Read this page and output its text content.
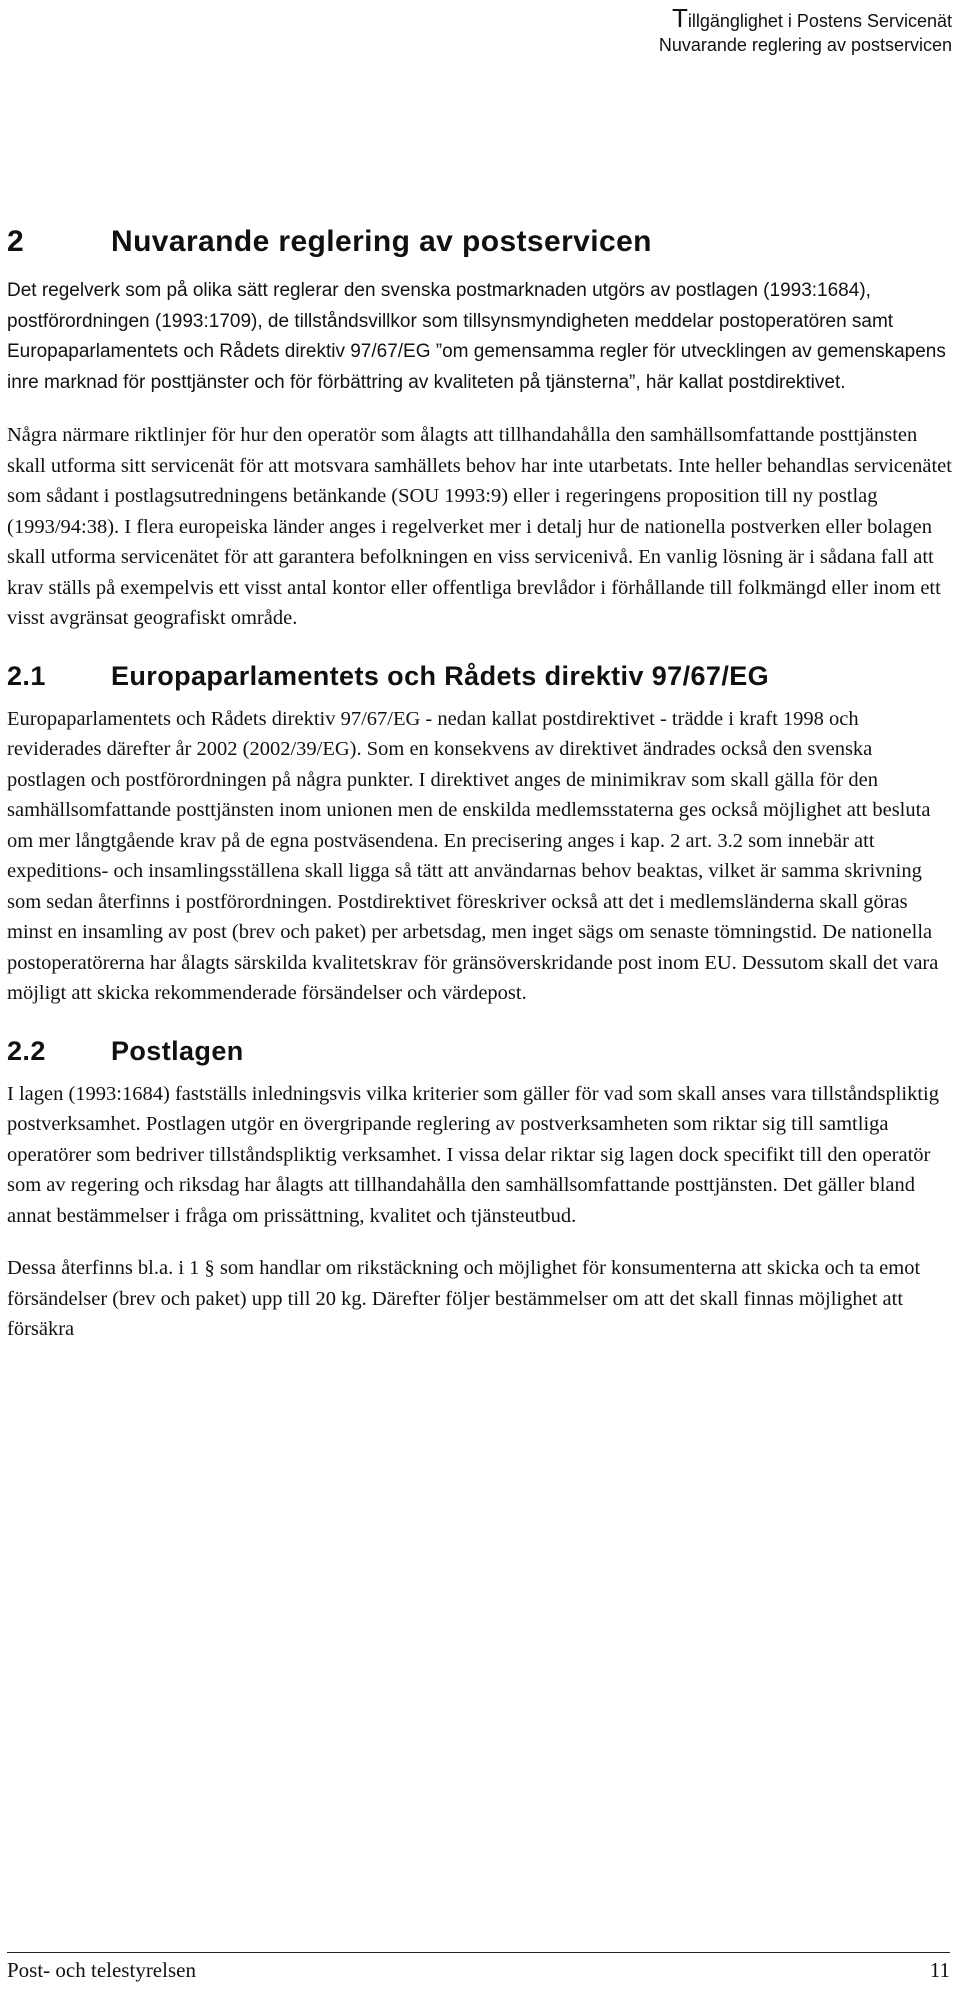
Tillgänglighet i Postens Servicenät
Nuvarande reglering av postservicen
2	Nuvarande reglering av postservicen

Det regelverk som på olika sätt reglerar den svenska postmarknaden utgörs av postlagen (1993:1684), postförordningen (1993:1709), de tillståndsvillkor som tillsynsmyndigheten meddelar postoperatören samt Europaparlamentets och Rådets direktiv 97/67/EG ”om gemensamma regler för utvecklingen av gemenskapens inre marknad för posttjänster och för förbättring av kvaliteten på tjänsterna”, här kallat postdirektivet.

Några närmare riktlinjer för hur den operatör som ålagts att tillhandahålla den samhällsomfattande posttjänsten skall utforma sitt servicenät för att motsvara samhällets behov har inte utarbetats. Inte heller behandlas servicenätet som sådant i postlagsutredningens betänkande (SOU 1993:9) eller i regeringens proposition till ny postlag (1993/94:38). I flera europeiska länder anges i regelverket mer i detalj hur de nationella postverken eller bolagen skall utforma servicenätet för att garantera befolkningen en viss servicenivå. En vanlig lösning är i sådana fall att krav ställs på exempelvis ett visst antal kontor eller offentliga brevlådor i förhållande till folkmängd eller inom ett visst avgränsat geografiskt område.

2.1 Europaparlamentets och Rådets direktiv 97/67/EG

Europaparlamentets och Rådets direktiv 97/67/EG - nedan kallat postdirektivet - trädde i kraft 1998 och reviderades därefter år 2002 (2002/39/EG). Som en konsekvens av direktivet ändrades också den svenska postlagen och postförordningen på några punkter. I direktivet anges de minimikrav som skall gälla för den samhällsomfattande posttjänsten inom unionen men de enskilda medlemsstaterna ges också möjlighet att besluta om mer långtgående krav på de egna postväsendena. En precisering anges i kap. 2 art. 3.2 som innebär att expeditions- och insamlingsställena skall ligga så tätt att användarnas behov beaktas, vilket är samma skrivning som sedan återfinns i postförordningen. Postdirektivet föreskriver också att det i medlemsländerna skall göras minst en insamling av post (brev och paket) per arbetsdag, men inget sägs om senaste tömningstid. De nationella postoperatörerna har ålagts särskilda kvalitetskrav för gränsöverskridande post inom EU. Dessutom skall det vara möjligt att skicka rekommenderade försändelser och värdepost.

2.2 Postlagen

I lagen (1993:1684) fastställs inledningsvis vilka kriterier som gäller för vad som skall anses vara tillståndspliktig postverksamhet. Postlagen utgör en övergripande reglering av postverksamheten som riktar sig till samtliga operatörer som bedriver tillståndspliktig verksamhet. I vissa delar riktar sig lagen dock specifikt till den operatör som av regering och riksdag har ålagts att tillhandahålla den samhällsomfattande posttjänsten. Det gäller bland annat bestämmelser i fråga om prissättning, kvalitet och tjänsteutbud.

Dessa återfinns bl.a. i 1 § som handlar om rikstäckning och möjlighet för konsumenterna att skicka och ta emot försändelser (brev och paket) upp till 20 kg. Därefter följer bestämmelser om att det skall finnas möjlighet att försäkra

Post- och telestyrelsen	11
